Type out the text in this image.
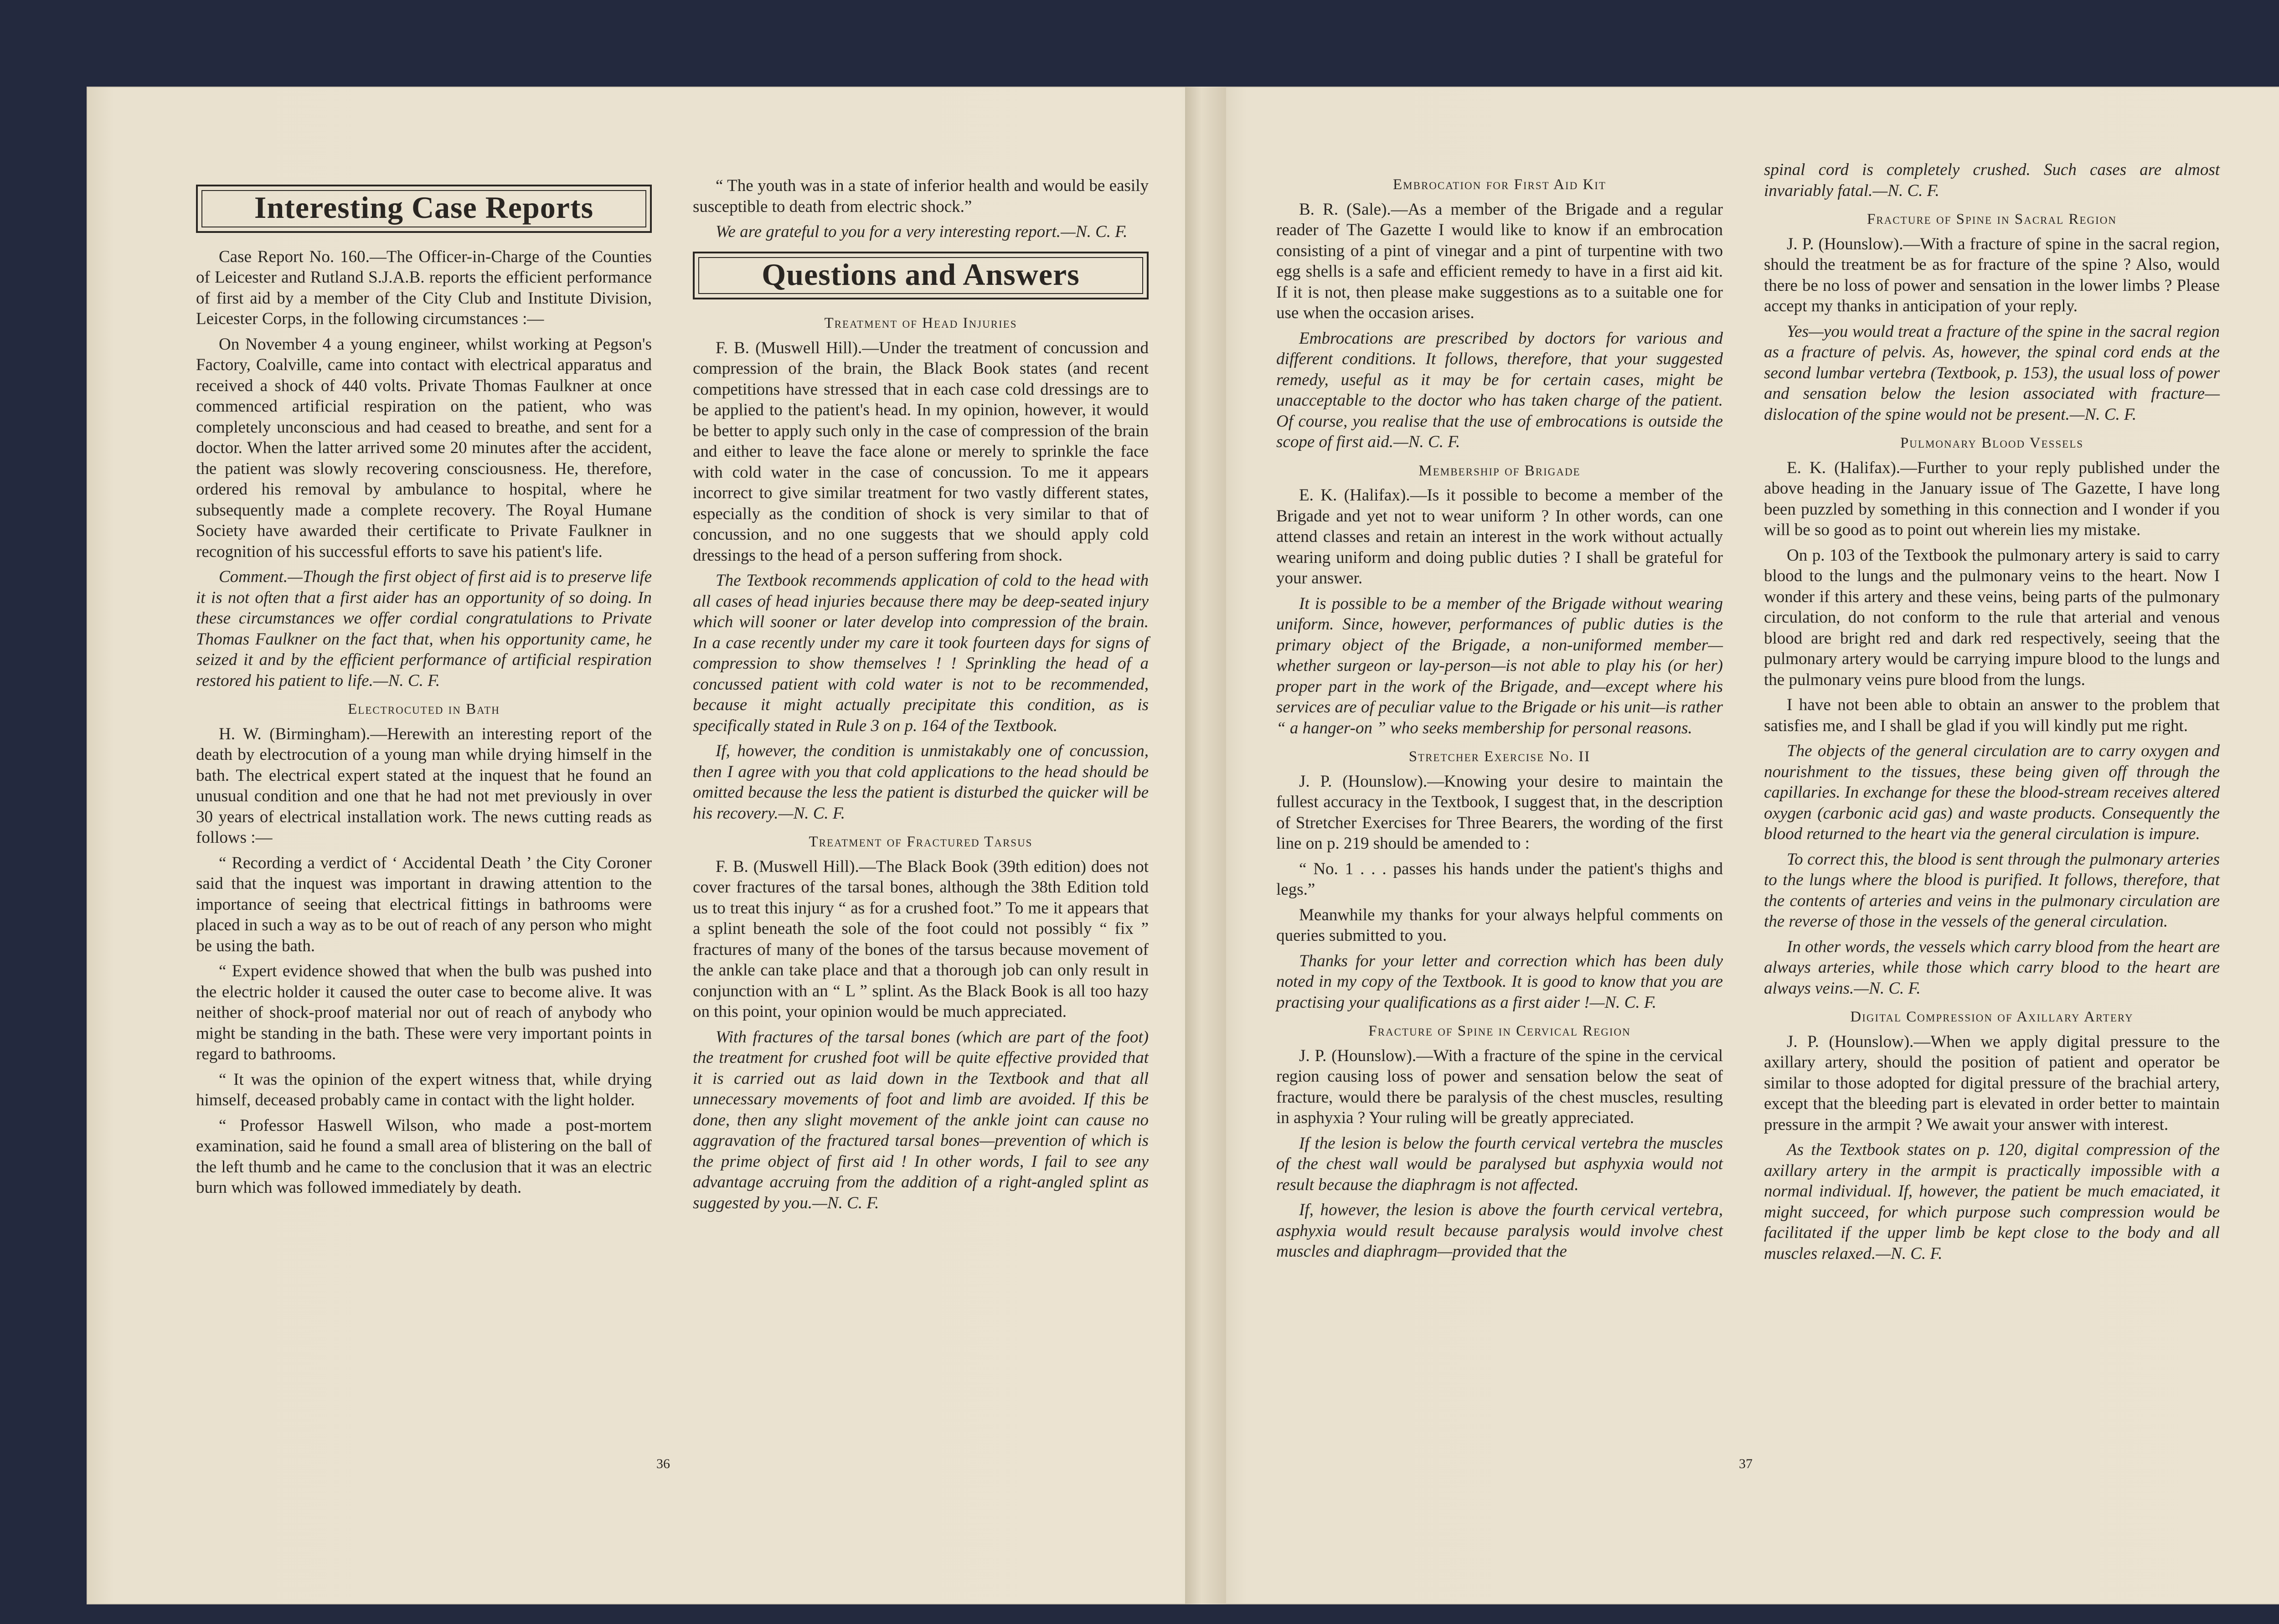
Interesting Case Reports

Case Report No. 160.—The Officer-in-Charge of the Counties of Leicester and Rutland S.J.A.B. reports the efficient performance of first aid by a member of the City Club and Institute Division, Leicester Corps, in the following circumstances :—

On November 4 a young engineer, whilst working at Pegson's Factory, Coalville, came into contact with electrical apparatus and received a shock of 440 volts. Private Thomas Faulkner at once commenced artificial respiration on the patient, who was completely unconscious and had ceased to breathe, and sent for a doctor. When the latter arrived some 20 minutes after the accident, the patient was slowly recovering consciousness. He, therefore, ordered his removal by ambulance to hospital, where he subsequently made a complete recovery. The Royal Humane Society have awarded their certificate to Private Faulkner in recognition of his successful efforts to save his patient's life.

Comment.—Though the first object of first aid is to preserve life it is not often that a first aider has an opportunity of so doing. In these circumstances we offer cordial congratulations to Private Thomas Faulkner on the fact that, when his opportunity came, he seized it and by the efficient performance of artificial respiration restored his patient to life.—N. C. F.

Electrocuted in Bath

H. W. (Birmingham).—Herewith an interesting report of the death by electrocution of a young man while drying himself in the bath. The electrical expert stated at the inquest that he found an unusual condition and one that he had not met previously in over 30 years of electrical installation work. The news cutting reads as follows :—

“ Recording a verdict of ‘ Accidental Death ’ the City Coroner said that the inquest was important in drawing attention to the importance of seeing that electrical fittings in bathrooms were placed in such a way as to be out of reach of any person who might be using the bath.

“ Expert evidence showed that when the bulb was pushed into the electric holder it caused the outer case to become alive. It was neither of shock-proof material nor out of reach of anybody who might be standing in the bath. These were very important points in regard to bathrooms.

“ It was the opinion of the expert witness that, while drying himself, deceased probably came in contact with the light holder.

“ Professor Haswell Wilson, who made a post-mortem examination, said he found a small area of blistering on the ball of the left thumb and he came to the conclusion that it was an electric burn which was followed immediately by death.

“ The youth was in a state of inferior health and would be easily susceptible to death from electric shock.”

We are grateful to you for a very interesting report.—N. C. F.

Questions and Answers
Treatment of Head Injuries

F. B. (Muswell Hill).—Under the treatment of concussion and compression of the brain, the Black Book states (and recent competitions have stressed that in each case cold dressings are to be applied to the patient's head. In my opinion, however, it would be better to apply such only in the case of compression of the brain and either to leave the face alone or merely to sprinkle the face with cold water in the case of concussion. To me it appears incorrect to give similar treatment for two vastly different states, especially as the condition of shock is very similar to that of concussion, and no one suggests that we should apply cold dressings to the head of a person suffering from shock.

The Textbook recommends application of cold to the head with all cases of head injuries because there may be deep-seated injury which will sooner or later develop into compression of the brain. In a case recently under my care it took fourteen days for signs of compression to show themselves ! ! Sprinkling the head of a concussed patient with cold water is not to be recommended, because it might actually precipitate this condition, as is specifically stated in Rule 3 on p. 164 of the Textbook.

If, however, the condition is unmistakably one of concussion, then I agree with you that cold applications to the head should be omitted because the less the patient is disturbed the quicker will be his recovery.—N. C. F.

Treatment of Fractured Tarsus

F. B. (Muswell Hill).—The Black Book (39th edition) does not cover fractures of the tarsal bones, although the 38th Edition told us to treat this injury “ as for a crushed foot.” To me it appears that a splint beneath the sole of the foot could not possibly “ fix ” fractures of many of the bones of the tarsus because movement of the ankle can take place and that a thorough job can only result in conjunction with an “ L ” splint. As the Black Book is all too hazy on this point, your opinion would be much appreciated.

With fractures of the tarsal bones (which are part of the foot) the treatment for crushed foot will be quite effective provided that it is carried out as laid down in the Textbook and that all unnecessary movements of foot and limb are avoided. If this be done, then any slight movement of the ankle joint can cause no aggravation of the fractured tarsal bones—prevention of which is the prime object of first aid ! In other words, I fail to see any advantage accruing from the addition of a right-angled splint as suggested by you.—N. C. F.

36
Embrocation for First Aid Kit

B. R. (Sale).—As a member of the Brigade and a regular reader of The Gazette I would like to know if an embrocation consisting of a pint of vinegar and a pint of turpentine with two egg shells is a safe and efficient remedy to have in a first aid kit. If it is not, then please make suggestions as to a suitable one for use when the occasion arises.

Embrocations are prescribed by doctors for various and different conditions. It follows, therefore, that your suggested remedy, useful as it may be for certain cases, might be unacceptable to the doctor who has taken charge of the patient. Of course, you realise that the use of embrocations is outside the scope of first aid.—N. C. F.

Membership of Brigade

E. K. (Halifax).—Is it possible to become a member of the Brigade and yet not to wear uniform ? In other words, can one attend classes and retain an interest in the work without actually wearing uniform and doing public duties ? I shall be grateful for your answer.

It is possible to be a member of the Brigade without wearing uniform. Since, however, performances of public duties is the primary object of the Brigade, a non-uniformed member—whether surgeon or lay-person—is not able to play his (or her) proper part in the work of the Brigade, and—except where his services are of peculiar value to the Brigade or his unit—is rather “ a hanger-on ” who seeks membership for personal reasons.

Stretcher Exercise No. II

J. P. (Hounslow).—Knowing your desire to maintain the fullest accuracy in the Textbook, I suggest that, in the description of Stretcher Exercises for Three Bearers, the wording of the first line on p. 219 should be amended to :

“ No. 1 . . . passes his hands under the patient's thighs and legs.”

Meanwhile my thanks for your always helpful comments on queries submitted to you.

Thanks for your letter and correction which has been duly noted in my copy of the Textbook. It is good to know that you are practising your qualifications as a first aider !—N. C. F.

Fracture of Spine in Cervical Region

J. P. (Hounslow).—With a fracture of the spine in the cervical region causing loss of power and sensation below the seat of fracture, would there be paralysis of the chest muscles, resulting in asphyxia ? Your ruling will be greatly appreciated.

If the lesion is below the fourth cervical vertebra the muscles of the chest wall would be paralysed but asphyxia would not result because the diaphragm is not affected.

If, however, the lesion is above the fourth cervical vertebra, asphyxia would result because paralysis would involve chest muscles and diaphragm—provided that the

spinal cord is completely crushed. Such cases are almost invariably fatal.—N. C. F.

Fracture of Spine in Sacral Region

J. P. (Hounslow).—With a fracture of spine in the sacral region, should the treatment be as for fracture of the spine ? Also, would there be no loss of power and sensation in the lower limbs ? Please accept my thanks in anticipation of your reply.

Yes—you would treat a fracture of the spine in the sacral region as a fracture of pelvis. As, however, the spinal cord ends at the second lumbar vertebra (Textbook, p. 153), the usual loss of power and sensation below the lesion associated with fracture—dislocation of the spine would not be present.—N. C. F.

Pulmonary Blood Vessels

E. K. (Halifax).—Further to your reply published under the above heading in the January issue of The Gazette, I have long been puzzled by something in this connection and I wonder if you will be so good as to point out wherein lies my mistake.

On p. 103 of the Textbook the pulmonary artery is said to carry blood to the lungs and the pulmonary veins to the heart. Now I wonder if this artery and these veins, being parts of the pulmonary circulation, do not conform to the rule that arterial and venous blood are bright red and dark red respectively, seeing that the pulmonary artery would be carrying impure blood to the lungs and the pulmonary veins pure blood from the lungs.

I have not been able to obtain an answer to the problem that satisfies me, and I shall be glad if you will kindly put me right.

The objects of the general circulation are to carry oxygen and nourishment to the tissues, these being given off through the capillaries. In exchange for these the blood-stream receives altered oxygen (carbonic acid gas) and waste products. Consequently the blood returned to the heart via the general circulation is impure.

To correct this, the blood is sent through the pulmonary arteries to the lungs where the blood is purified. It follows, therefore, that the contents of arteries and veins in the pulmonary circulation are the reverse of those in the vessels of the general circulation.

In other words, the vessels which carry blood from the heart are always arteries, while those which carry blood to the heart are always veins.—N. C. F.

Digital Compression of Axillary Artery

J. P. (Hounslow).—When we apply digital pressure to the axillary artery, should the position of patient and operator be similar to those adopted for digital pressure of the brachial artery, except that the bleeding part is elevated in order better to maintain pressure in the armpit ? We await your answer with interest.

As the Textbook states on p. 120, digital compression of the axillary artery in the armpit is practically impossible with a normal individual. If, however, the patient be much emaciated, it might succeed, for which purpose such compression would be facilitated if the upper limb be kept close to the body and all muscles relaxed.—N. C. F.

37
